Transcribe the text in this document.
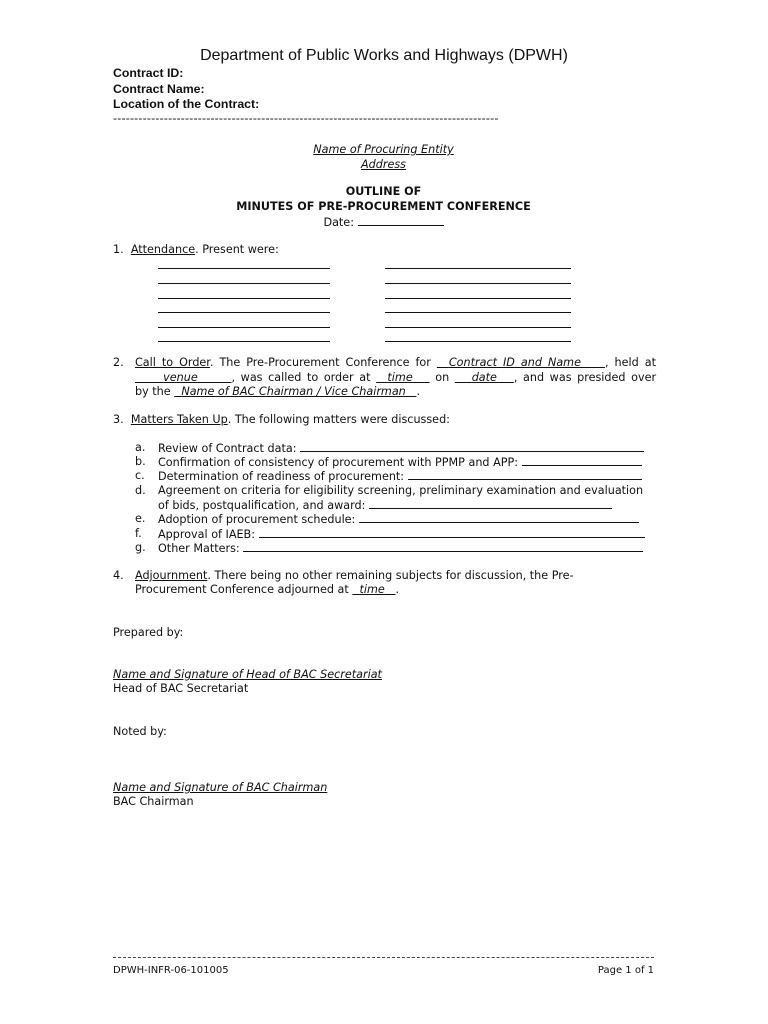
Department of Public Works and Highways (DPWH)
Contract ID:
Contract Name:
Location of the Contract:
-------------------------------------------------------------------------------------------
Name of Procuring Entity
Address
OUTLINE OF
MINUTES OF PRE-PROCUREMENT CONFERENCE
Date:
1. Attendance. Present were:
2. Call to Order. The Pre-Procurement Conference for Contract ID and Name , held at
venue	, was called to order at time on date , and was presided over
by the Name of BAC Chairman / Vice Chairman .
3. Matters Taken Up. The following matters were discussed:
a. Review of Contract data:
b. Confirmation of consistency of procurement with PPMP and APP:
c. Determination of readiness of procurement:
d. Agreement on criteria for eligibility screening, preliminary examination and evaluation
of bids, postqualification, and award:
e. Adoption of procurement schedule:
f. Approval of IAEB:
g. Other Matters:
4. Adjournment. There being no other remaining subjects for discussion, the Pre-
Procurement Conference adjourned at time .
Prepared by:
Name and Signature of Head of BAC Secretariat
Head of BAC Secretariat
Noted by:
Name and Signature of BAC Chairman
BAC Chairman
DPWH-INFR-06-101005	Page 1 of 1
